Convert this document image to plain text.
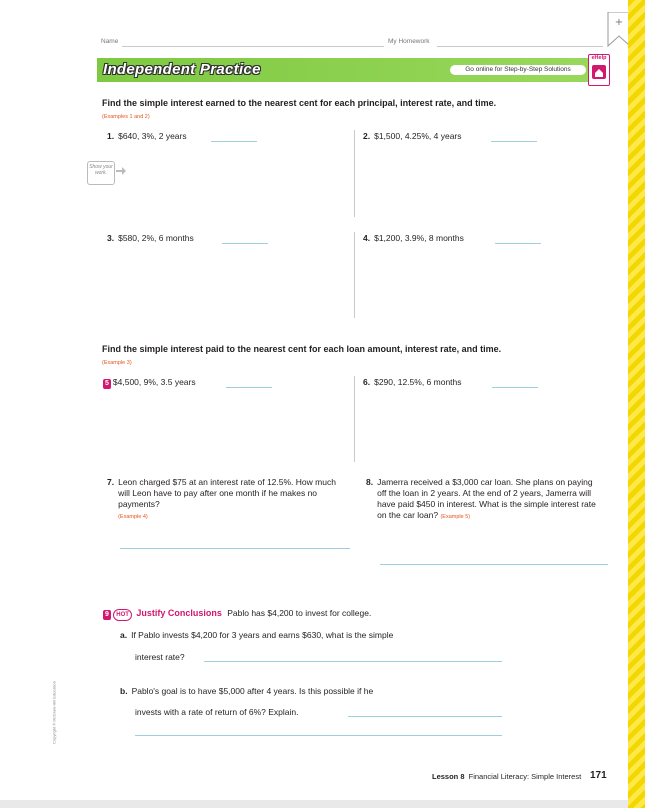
Name	My Homework
+
Independent Practice	Go online for Step-by-Step Solutions
eHelp
Find the simple interest earned to the nearest cent for each principal, interest rate, and time. (Examples 1 and 2)
1. $640, 3%, 2 years	2. $1,500, 4.25%, 4 years
Show your work.
3. $580, 2%, 6 months	4. $1,200, 3.9%, 8 months
Find the simple interest paid to the nearest cent for each loan amount, interest rate, and time. (Example 3)
5 $4,500, 9%, 3.5 years	6. $290, 12.5%, 6 months
7. Leon charged $75 at an interest rate of 12.5%. How much will Leon have to pay after one month if he makes no payments?
(Example 4)
8. Jamerra received a $3,000 car loan. She plans on paying off the loan in 2 years. At the end of 2 years, Jamerra will have paid $450 in interest. What is the simple interest rate on the car loan? (Example 5)
9 HOT Justify Conclusions Pablo has $4,200 to invest for college.
a. If Pablo invests $4,200 for 3 years and earns $630, what is the simple
interest rate?
b. Pablo's goal is to have $5,000 after 4 years. Is this possible if he
invests with a rate of return of 6%? Explain.
Copyright © McGraw-Hill Education
Lesson 8 Financial Literacy: Simple Interest 171
